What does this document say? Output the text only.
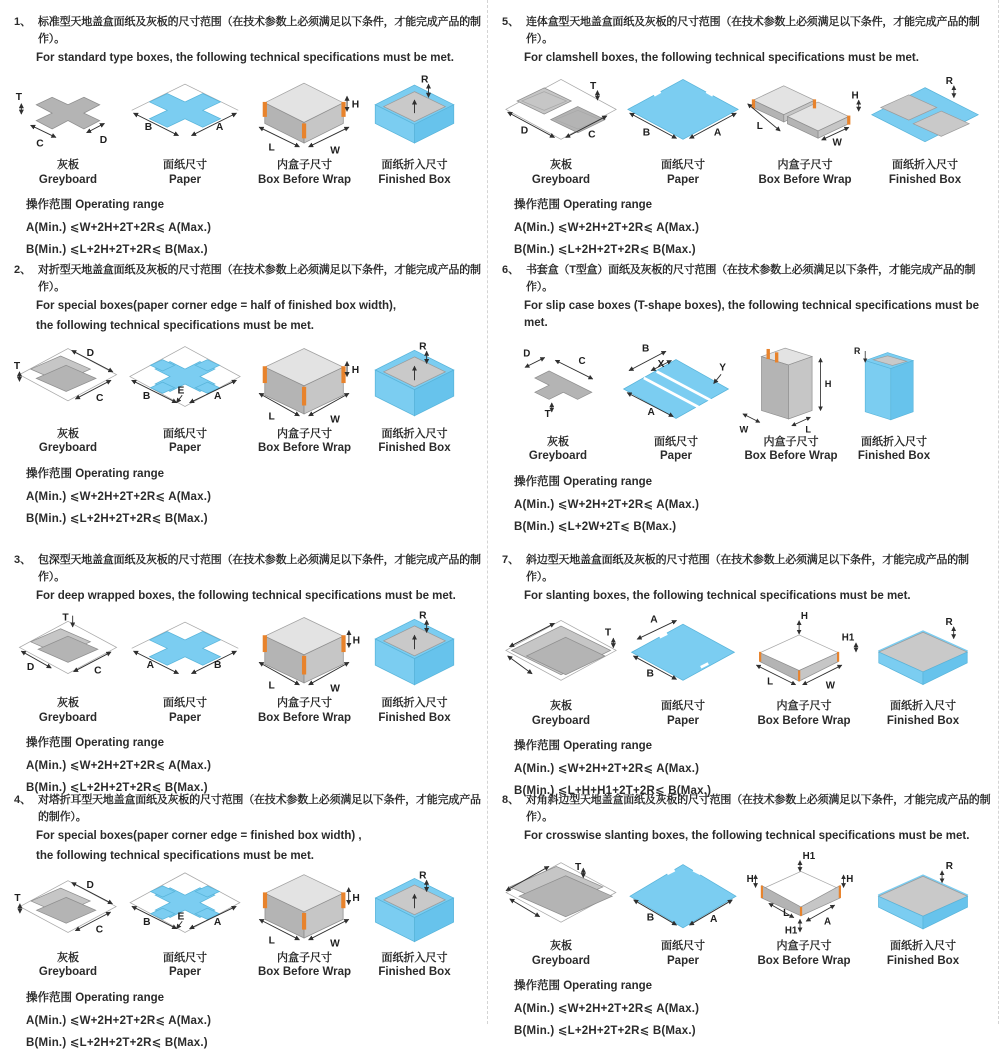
1、 标准型天地盖盒面纸及灰板的尺寸范围（在技术参数上必须满足以下条件，才能完成产品的制作）。
For standard type boxes, the following technical specifications must be met.
T
C	D
灰板
Greyboard
B	A
面纸尺寸
Paper
H
L	W
内盒子尺寸
Box Before Wrap
R
面纸折入尺寸
Finished Box
操作范围 Operating range
A(Min.) ⩽W+2H+2T+2R⩽ A(Max.)
B(Min.) ⩽L+2H+2T+2R⩽ B(Max.)
2、 对折型天地盖盒面纸及灰板的尺寸范围（在技术参数上必须满足以下条件，才能完成产品的制作）。
For special boxes(paper corner edge = half of finished box width),
the following technical specifications must be met.
T
D
C
灰板
Greyboard
B
E
A
面纸尺寸
Paper
H
L	W
内盒子尺寸
Box Before Wrap
R
面纸折入尺寸
Finished Box
操作范围 Operating range
A(Min.) ⩽W+2H+2T+2R⩽ A(Max.)
B(Min.) ⩽L+2H+2T+2R⩽ B(Max.)
3、 包深型天地盖盒面纸及灰板的尺寸范围（在技术参数上必须满足以下条件，才能完成产品的制作）。
For deep wrapped boxes, the following technical specifications must be met.
T
D	C
灰板
Greyboard
A	B
面纸尺寸
Paper
H
L	W
内盒子尺寸
Box Before Wrap
R
面纸折入尺寸
Finished Box
操作范围 Operating range
A(Min.) ⩽W+2H+2T+2R⩽ A(Max.)
B(Min.) ⩽L+2H+2T+2R⩽ B(Max.)
4、 对塔折耳型天地盖盒面纸及灰板的尺寸范围（在技术参数上必须满足以下条件，才能完成产品的制作）。
For special boxes(paper corner edge = finished box width) ,
the following technical specifications must be met.
T
D
C
灰板
Greyboard
B
E
A
面纸尺寸
Paper
H
L	W
内盒子尺寸
Box Before Wrap
R
面纸折入尺寸
Finished Box
操作范围 Operating range
A(Min.) ⩽W+2H+2T+2R⩽ A(Max.)
B(Min.) ⩽L+2H+2T+2R⩽ B(Max.)
5、 连体盒型天地盖盒面纸及灰板的尺寸范围（在技术参数上必须满足以下条件，才能完成产品的制作）。
For clamshell boxes, the following technical specifications must be met.
D	C
T
灰板
Greyboard
B	A
面纸尺寸
Paper
H
L
W
内盒子尺寸
Box Before Wrap
R
面纸折入尺寸
Finished Box
操作范围 Operating range
A(Min.) ⩽W+2H+2T+2R⩽ A(Max.)
B(Min.) ⩽L+2H+2T+2R⩽ B(Max.)
6、 书套盒（T型盒）面纸及灰板的尺寸范围（在技术参数上必须满足以下条件，才能完成产品的制作）。
For slip case boxes (T-shape boxes), the following technical specifications must be met.
D
C
T
灰板
Greyboard
B
X	Y
A
面纸尺寸
Paper
H
W	L
内盒子尺寸
Box Before Wrap
R
面纸折入尺寸
Finished Box
操作范围 Operating range
A(Min.) ⩽W+2H+2T+2R⩽ A(Max.)
B(Min.) ⩽L+2W+2T⩽ B(Max.)
7、 斜边型天地盖盒面纸及灰板的尺寸范围（在技术参数上必须满足以下条件，才能完成产品的制作）。
For slanting boxes, the following technical specifications must be met.
T
灰板
Greyboard
A
B
面纸尺寸
Paper
H
H1
L	W
内盒子尺寸
Box Before Wrap
R
面纸折入尺寸
Finished Box
操作范围 Operating range
A(Min.) ⩽W+2H+2T+2R⩽ A(Max.)
B(Min.) ⩽L+H+H1+2T+2R⩽ B(Max.)
8、 对角斜边型天地盖盒面纸及灰板的尺寸范围（在技术参数上必须满足以下条件，才能完成产品的制作）。
For crosswise slanting boxes, the following technical specifications must be met.
T
灰板
Greyboard
B	A
面纸尺寸
Paper
H1
H	H
L
H1
A
内盒子尺寸
Box Before Wrap
R
面纸折入尺寸
Finished Box
操作范围 Operating range
A(Min.) ⩽W+2H+2T+2R⩽ A(Max.)
B(Min.) ⩽L+2H+2T+2R⩽ B(Max.)
